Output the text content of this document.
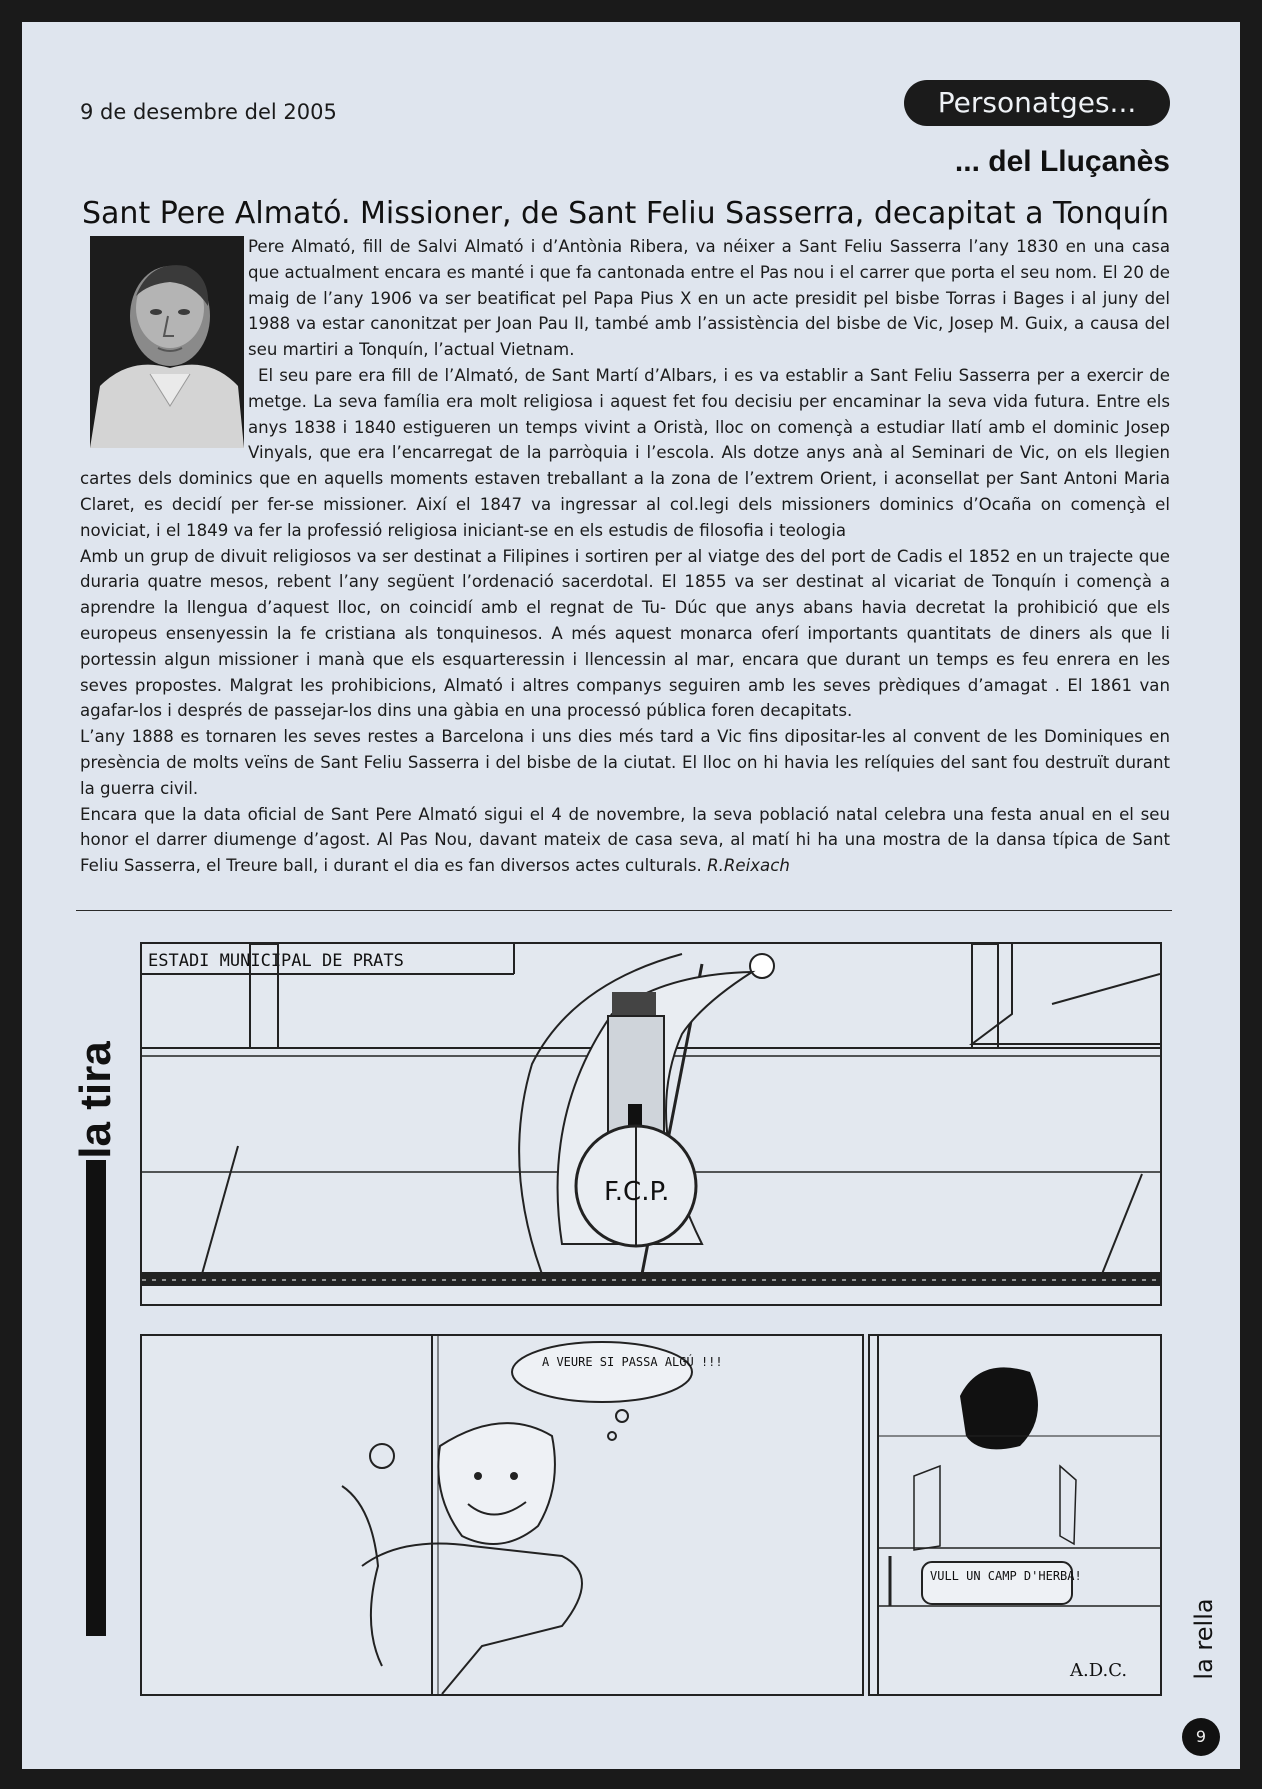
9 de desembre del 2005	Personatges...
... del Lluçanès
Sant Pere Almató. Missioner, de Sant Feliu Sasserra, decapitat a Tonquín

Pere Almató, fill de Salvi Almató i d’Antònia Ribera, va néixer a Sant Feliu Sasserra l’any 1830 en una casa que actualment encara es manté i que fa cantonada entre el Pas nou i el carrer que porta el seu nom. El 20 de maig de l’any 1906 va ser beatificat pel Papa Pius X en un acte presidit pel bisbe Torras i Bages i al juny del 1988 va estar canonitzat per Joan Pau II, també amb l’assistència del bisbe de Vic, Josep M. Guix, a causa del seu martiri a Tonquín, l’actual Vietnam.

El seu pare era fill de l’Almató, de Sant Martí d’Albars, i es va establir a Sant Feliu Sasserra per a exercir de metge. La seva família era molt religiosa i aquest fet fou decisiu per encaminar la seva vida futura. Entre els anys 1838 i 1840 estigueren un temps vivint a Oristà, lloc on començà a estudiar llatí amb el dominic Josep Vinyals, que era l’encarregat de la parròquia i l’escola. Als dotze anys anà al Seminari de Vic, on els llegien cartes dels dominics que en aquells moments estaven treballant a la zona de l’extrem Orient, i aconsellat per Sant Antoni Maria Claret, es decidí per fer-se missioner. Així el 1847 va ingressar al col.legi dels missioners dominics d’Ocaña on començà el noviciat, i el 1849 va fer la professió religiosa iniciant-se en els estudis de filosofia i teologia

Amb un grup de divuit religiosos va ser destinat a Filipines i sortiren per al viatge des del port de Cadis el 1852 en un trajecte que duraria quatre mesos, rebent l’any següent l’ordenació sacerdotal. El 1855 va ser destinat al vicariat de Tonquín i començà a aprendre la llengua d’aquest lloc, on coincidí amb el regnat de Tu- Dúc que anys abans havia decretat la prohibició que els europeus ensenyessin la fe cristiana als tonquinesos. A més aquest monarca oferí importants quantitats de diners als que li portessin algun missioner i manà que els esquarteressin i llencessin al mar, encara que durant un temps es feu enrera en les seves propostes. Malgrat les prohibicions, Almató i altres companys seguiren amb les seves prèdiques d’amagat . El 1861 van agafar-los i després de passejar-los dins una gàbia en una processó pública foren decapitats.

L’any 1888 es tornaren les seves restes a Barcelona i uns dies més tard a Vic fins dipositar-les al convent de les Dominiques en presència de molts veïns de Sant Feliu Sasserra i del bisbe de la ciutat. El lloc on hi havia les relíquies del sant fou destruït durant la guerra civil.

Encara que la data oficial de Sant Pere Almató sigui el 4 de novembre, la seva població natal celebra una festa anual en el seu honor el darrer diumenge d’agost. Al Pas Nou, davant mateix de casa seva, al matí hi ha una mostra de la dansa típica de Sant Feliu Sasserra, el Treure ball, i durant el dia es fan diversos actes culturals. R.Reixach

la tira
ESTADI MUNICIPAL DE PRATS
F.C.P.
A VEURE SI PASSA ALGÚ !!!
VULL UN CAMP D'HERBA!
A.D.C.	la rella
9
